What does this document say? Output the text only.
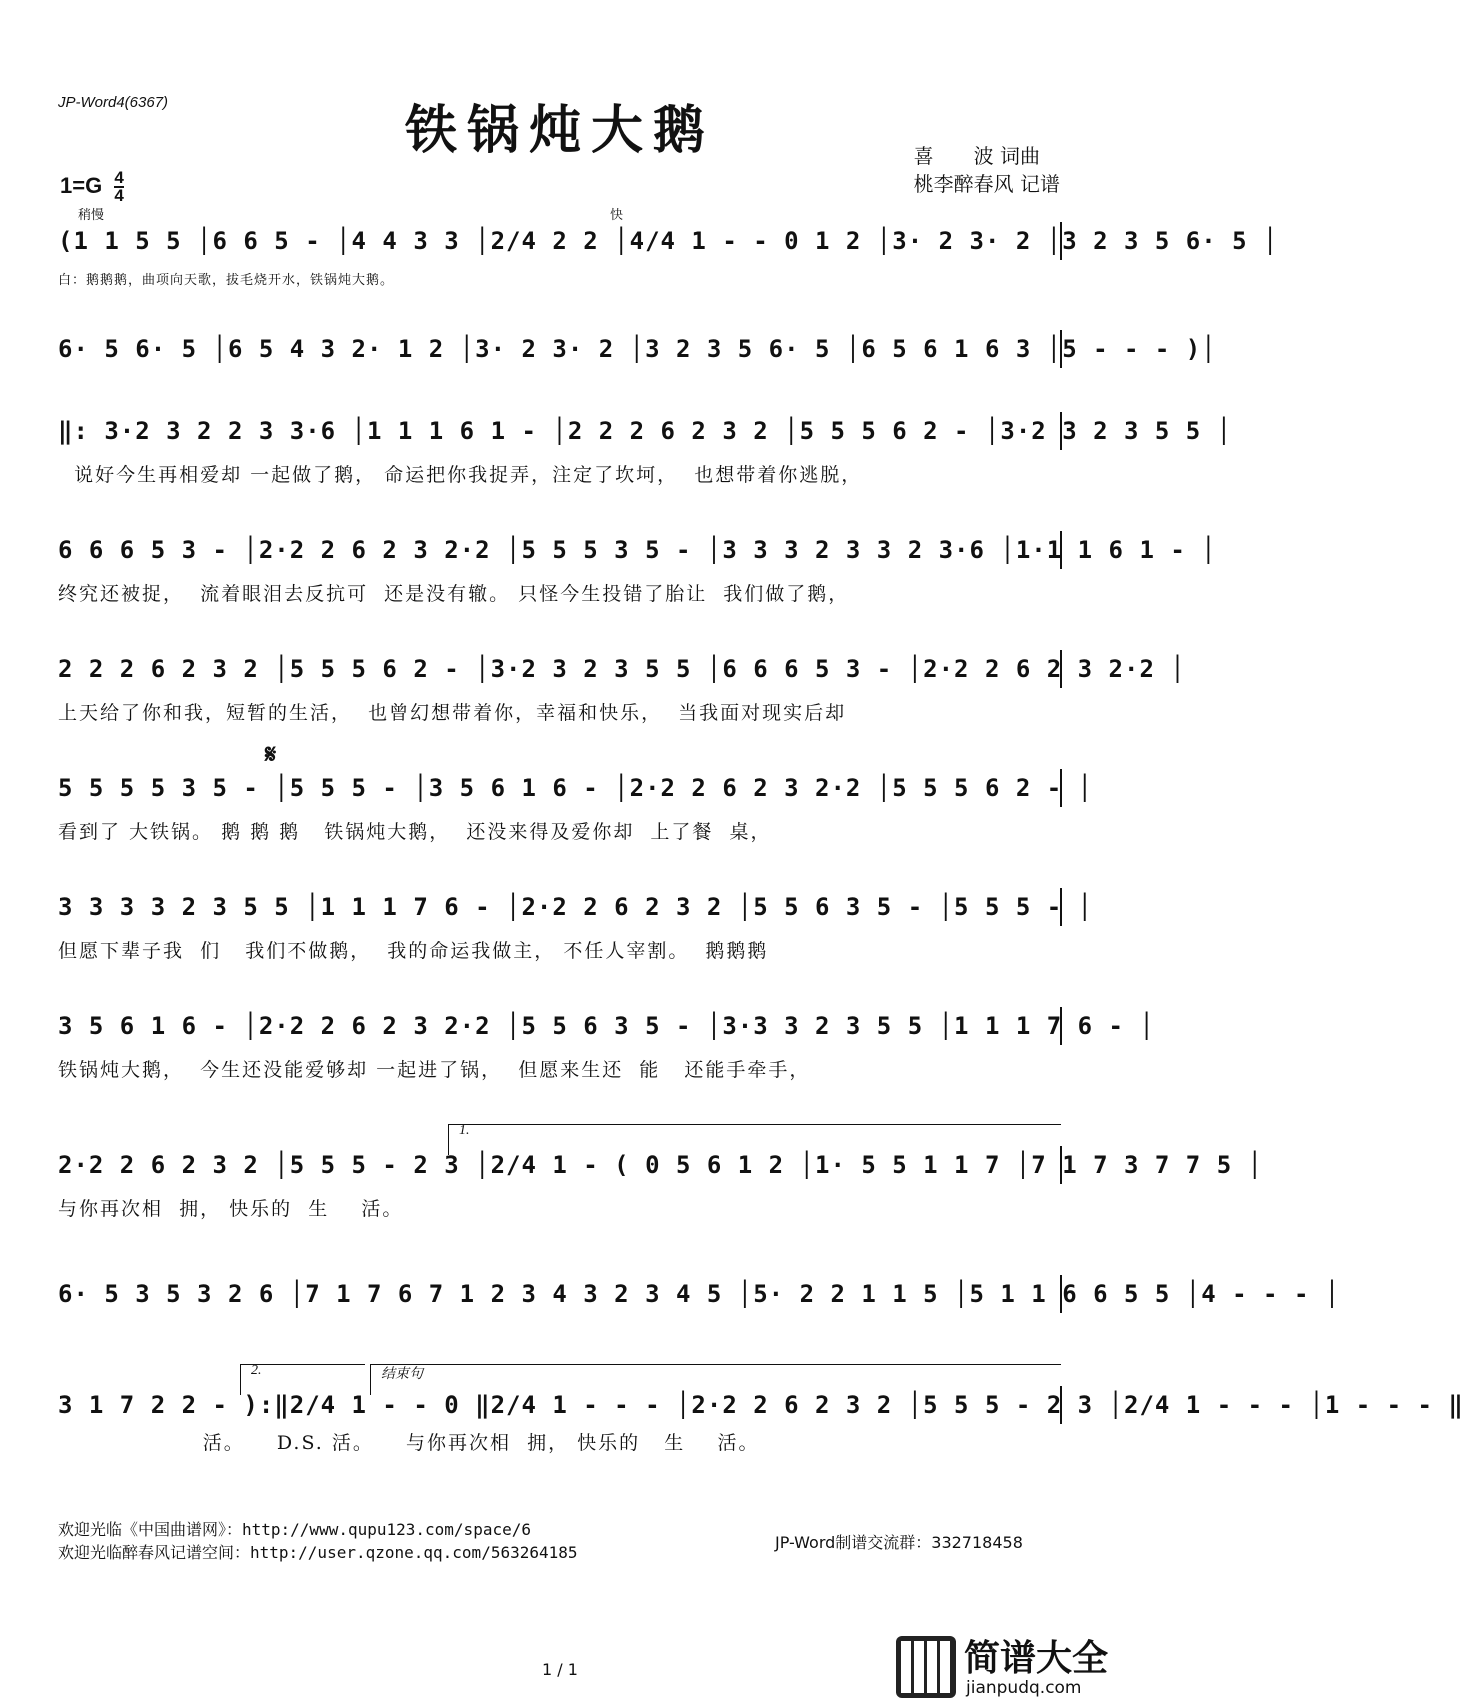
JP-Word4(6367)	铁锅炖大鹅	喜　　波 词曲
桃李醉春风 记谱
$1=G \frac{4}{4}$
稍慢	快
(1 1 5 5 │6 6 5 - │4 4 3 3 │2/4 2 2 │4/4 1 - - 0 1 2 │3· 2 3· 2 │3 2 3 5 6· 5 │
白：鹅鹅鹅，曲项向天歌，拔毛烧开水，铁锅炖大鹅。
6· 5 6· 5 │6 5 4 3 2· 1 2 │3· 2 3· 2 │3 2 3 5 6· 5 │6 5 6 1 6 3 │5 - - - )│
‖: 3·2 3 2 2 3 3·6 │1 1 1 6 1 - │2 2 2 6 2 3 2 │5 5 5 6 2 - │3·2 3 2 3 5 5 │
说好今生再相爱却 一起做了鹅， 命运把你我捉弄，注定了坎坷，  也想带着你逃脱，
6 6 6 5 3 - │2·2 2 6 2 3 2·2 │5 5 5 3 5 - │3 3 3 2 3 3 2 3·6 │1·1 1 6 1 - │
终究还被捉，  流着眼泪去反抗可  还是没有辙。 只怪今生投错了胎让  我们做了鹅，
2 2 2 6 2 3 2 │5 5 5 6 2 - │3·2 3 2 3 5 5 │6 6 6 5 3 - │2·2 2 6 2 3 2·2 │
上天给了你和我，短暂的生活，  也曾幻想带着你，幸福和快乐，  当我面对现实后却
𝄋
5 5 5 5 3 5 - │5 5 5 - │3 5 6 1 6 - │2·2 2 6 2 3 2·2 │5 5 5 6 2 - │
看到了 大铁锅。 鹅 鹅 鹅   铁锅炖大鹅，  还没来得及爱你却  上了餐  桌，
3 3 3 3 2 3 5 5 │1 1 1 7 6 - │2·2 2 6 2 3 2 │5 5 6 3 5 - │5 5 5 - │
但愿下辈子我  们   我们不做鹅，  我的命运我做主， 不任人宰割。  鹅鹅鹅
3 5 6 1 6 - │2·2 2 6 2 3 2·2 │5 5 6 3 5 - │3·3 3 2 3 5 5 │1 1 1 7 6 - │
铁锅炖大鹅，  今生还没能爱够却 一起进了锅，  但愿来生还  能   还能手牵手，
1.
2·2 2 6 2 3 2 │5 5 5 - 2 3 │2/4 1 - ( 0 5 6 1 2 │1· 5 5 1 1 7 │7 1 7 3 7 7 5 │
与你再次相  拥， 快乐的  生    活。
6· 5 3 5 3 2 6 │7 1 7 6 7 1 2 3 4 3 2 3 4 5 │5· 2 2 1 1 5 │5 1 1 6 6 5 5 │4 - - - │
2.	结束句
3 1 7 2 2 - ):‖2/4 1 - - 0 ‖2/4 1 - - - │2·2 2 6 2 3 2 │5 5 5 - 2 3 │2/4 1 - - - │1 - - - ‖
活。    D.S. 活。    与你再次相  拥， 快乐的   生    活。
欢迎光临《中国曲谱网》：http://www.qupu123.com/space/6
欢迎光临醉春风记谱空间：http://user.qzone.qq.com/563264185
JP-Word制谱交流群：332718458
1 / 1	简谱大全
jianpudq.com
